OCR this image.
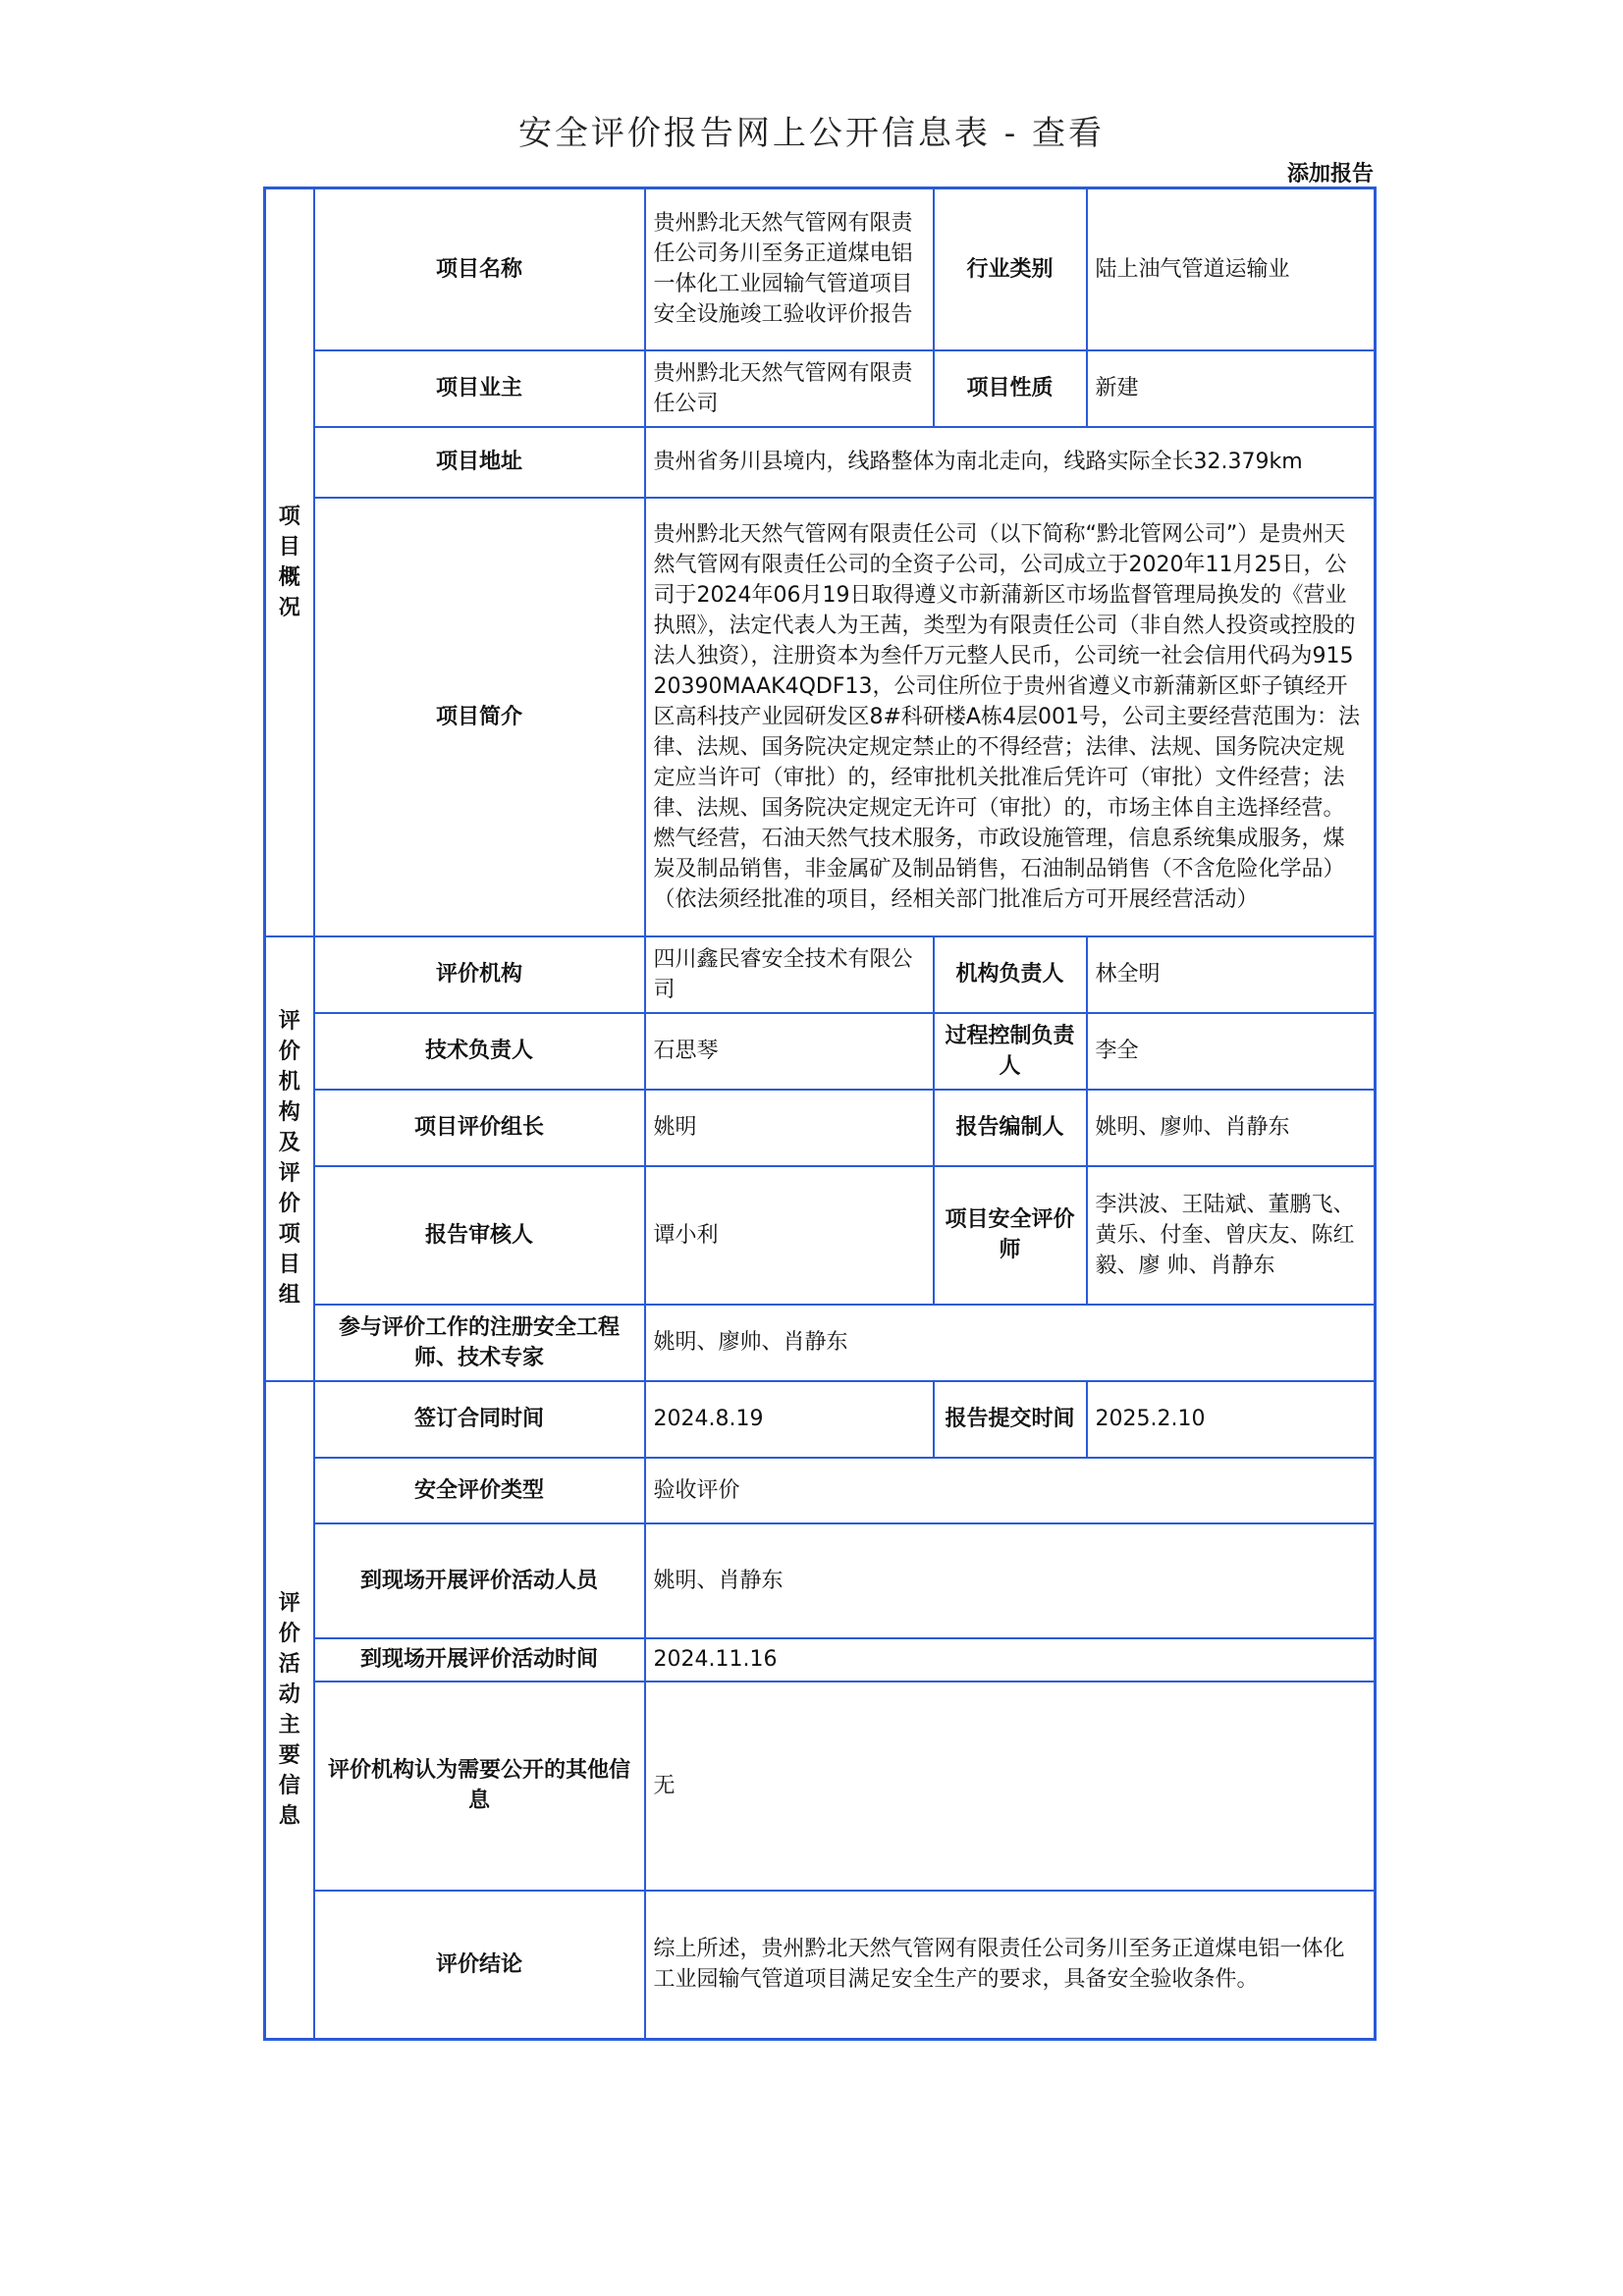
安全评价报告网上公开信息表 - 查看
添加报告
项目概况	项目名称	贵州黔北天然气管网有限责任公司务川至务正道煤电铝一体化工业园输气管道项目安全设施竣工验收评价报告	行业类别	陆上油气管道运输业
	项目业主	贵州黔北天然气管网有限责任公司	项目性质	新建
	项目地址	贵州省务川县境内，线路整体为南北走向，线路实际全长32.379km		
	项目简介	贵州黔北天然气管网有限责任公司（以下简称“黔北管网公司”）是贵州天然气管网有限责任公司的全资子公司，公司成立于2020年11月25日，公司于2024年06月19日取得遵义市新蒲新区市场监督管理局换发的《营业执照》，法定代表人为王茜，类型为有限责任公司（非自然人投资或控股的法人独资），注册资本为叁仟万元整人民币，公司统一社会信用代码为91520390MAAK4QDF13，公司住所位于贵州省遵义市新蒲新区虾子镇经开区高科技产业园研发区8#科研楼A栋4层001号，公司主要经营范围为：法律、法规、国务院决定规定禁止的不得经营；法律、法规、国务院决定规定应当许可（审批）的，经审批机关批准后凭许可（审批）文件经营；法律、法规、国务院决定规定无许可（审批）的，市场主体自主选择经营。燃气经营，石油天然气技术服务，市政设施管理，信息系统集成服务，煤炭及制品销售，非金属矿及制品销售，石油制品销售（不含危险化学品）（依法须经批准的项目，经相关部门批准后方可开展经营活动）		
评价机构及评价项目组	评价机构	四川鑫民睿安全技术有限公司	机构负责人	林全明
	技术负责人	石思琴	过程控制负责人	李全
	项目评价组长	姚明	报告编制人	姚明、廖帅、肖静东
	报告审核人	谭小利	项目安全评价师	李洪波、王陆斌、董鹏飞、黄乐、付奎、曾庆友、陈红毅、廖 帅、肖静东
	参与评价工作的注册安全工程师、技术专家	姚明、廖帅、肖静东		
评价活动主要信息	签订合同时间	2024.8.19	报告提交时间	2025.2.10
	安全评价类型	验收评价		
	到现场开展评价活动人员	姚明、肖静东		
	到现场开展评价活动时间	2024.11.16		
	评价机构认为需要公开的其他信息	无		
	评价结论	综上所述，贵州黔北天然气管网有限责任公司务川至务正道煤电铝一体化工业园输气管道项目满足安全生产的要求，具备安全验收条件。		
